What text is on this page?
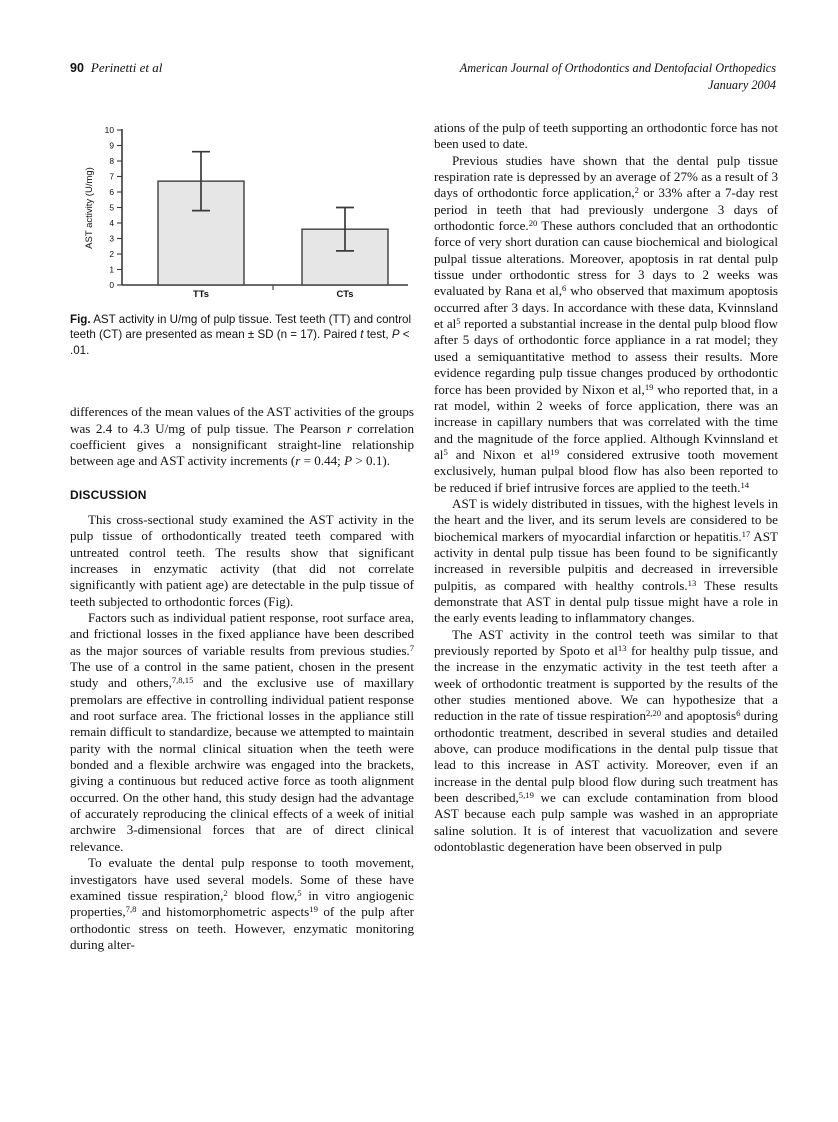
90 Perinetti et al	American Journal of Orthodontics and Dentofacial Orthopedics
January 2004
0
1
2
3
4
5
6
7
8
9
10
AST activity (U/mg)
TTs	CTs
Fig. AST activity in U/mg of pulp tissue. Test teeth (TT) and control teeth (CT) are presented as mean ± SD (n = 17). Paired t test, P < .01.

differences of the mean values of the AST activities of the groups was 2.4 to 4.3 U/mg of pulp tissue. The Pearson r correlation coefficient gives a nonsignificant straight-line relationship between age and AST activity increments (r = 0.44; P > 0.1).

DISCUSSION

This cross-sectional study examined the AST activity in the pulp tissue of orthodontically treated teeth compared with untreated control teeth. The results show that significant increases in enzymatic activity (that did not correlate significantly with patient age) are detectable in the pulp tissue of teeth subjected to orthodontic forces (Fig).

Factors such as individual patient response, root surface area, and frictional losses in the fixed appliance have been described as the major sources of variable results from previous studies.$^7$ The use of a control in the same patient, chosen in the present study and others,$^{7,8,15}$ and the exclusive use of maxillary premolars are effective in controlling individual patient response and root surface area. The frictional losses in the appliance still remain difficult to standardize, because we attempted to maintain parity with the normal clinical situation when the teeth were bonded and a flexible archwire was engaged into the brackets, giving a continuous but reduced active force as tooth alignment occurred. On the other hand, this study design had the advantage of accurately reproducing the clinical effects of a week of initial archwire 3-dimensional forces that are of direct clinical relevance.

To evaluate the dental pulp response to tooth movement, investigators have used several models. Some of these have examined tissue respiration,$^2$ blood flow,$^5$ in vitro angiogenic properties,$^{7,8}$ and histomorphometric aspects$^{19}$ of the pulp after orthodontic stress on teeth. However, enzymatic monitoring during alter-

ations of the pulp of teeth supporting an orthodontic force has not been used to date.

Previous studies have shown that the dental pulp tissue respiration rate is depressed by an average of 27% as a result of 3 days of orthodontic force application,$^2$ or 33% after a 7-day rest period in teeth that had previously undergone 3 days of orthodontic force.$^{20}$ These authors concluded that an orthodontic force of very short duration can cause biochemical and biological pulpal tissue alterations. Moreover, apoptosis in rat dental pulp tissue under orthodontic stress for 3 days to 2 weeks was evaluated by Rana et al,$^6$ who observed that maximum apoptosis occurred after 3 days. In accordance with these data, Kvinnsland et $al^5$ reported a substantial increase in the dental pulp blood flow after 5 days of orthodontic force appliance in a rat model; they used a semiquantitative method to assess their results. More evidence regarding pulp tissue changes produced by orthodontic force has been provided by Nixon et al,$^{19}$ who reported that, in a rat model, within 2 weeks of force application, there was an increase in capillary numbers that was correlated with the time and the magnitude of the force applied. Although Kvinnsland et $al^5$ and Nixon et $al^{19}$ considered extrusive tooth movement exclusively, human pulpal blood flow has also been reported to be reduced if brief intrusive forces are applied to the teeth.$^{14}$

AST is widely distributed in tissues, with the highest levels in the heart and the liver, and its serum levels are considered to be biochemical markers of myocardial infarction or hepatitis.$^{17}$ AST activity in dental pulp tissue has been found to be significantly increased in reversible pulpitis and decreased in irreversible pulpitis, as compared with healthy controls.$^{13}$ These results demonstrate that AST in dental pulp tissue might have a role in the early events leading to inflammatory changes.

The AST activity in the control teeth was similar to that previously reported by Spoto et $al^{13}$ for healthy pulp tissue, and the increase in the enzymatic activity in the test teeth after a week of orthodontic treatment is supported by the results of the other studies mentioned above. We can hypothesize that a reduction in the rate of tissue respiration$^{2,20}$ and apoptosis$^6$ during orthodontic treatment, described in several studies and detailed above, can produce modifications in the dental pulp tissue that lead to this increase in AST activity. Moreover, even if an increase in the dental pulp blood flow during such treatment has been described,$^{5,19}$ we can exclude contamination from blood AST because each pulp sample was washed in an appropriate saline solution. It is of interest that vacuolization and severe odontoblastic degeneration have been observed in pulp
